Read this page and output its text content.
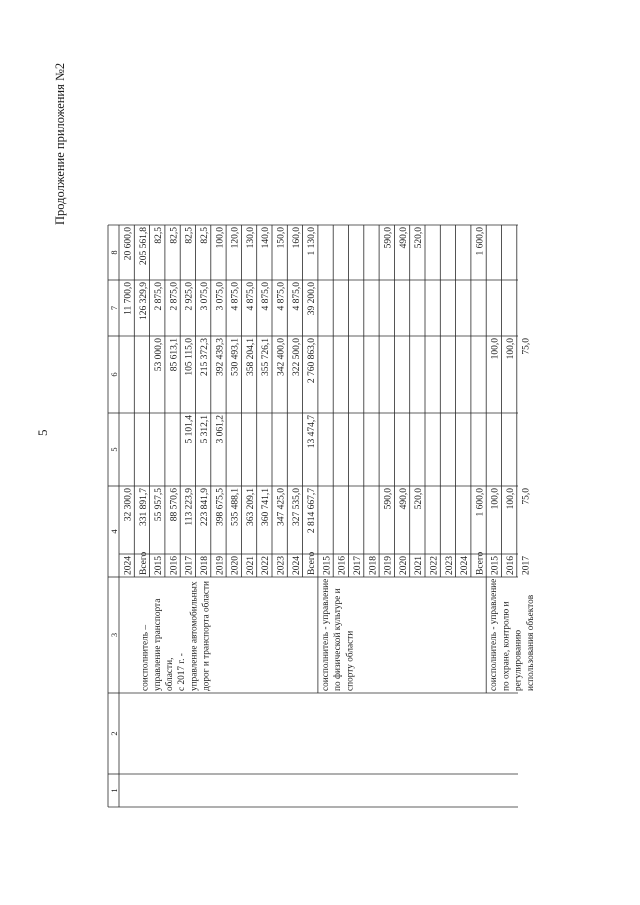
5
Продолжение приложения №2
1
2
3
4
5
6
7
8
2024
32 300,0
11 700,0
20 600,0
Всего
331 891,7
126 329,9
205 561,8
2015
55 957,5
53 000,0
2 875,0
82,5
2016
88 570,6
85 613,1
2 875,0
82,5
2017
113 223,9
5 101,4
105 115,0
2 925,0
82,5
2018
223 841,9
5 312,1
215 372,3
3 075,0
82,5
2019
398 675,5
3 061,2
392 439,3
3 075,0
100,0
2020
535 488,1
530 493,1
4 875,0
120,0
2021
363 209,1
358 204,1
4 875,0
130,0
2022
360 741,1
355 726,1
4 875,0
140,0
2023
347 425,0
342 400,0
4 875,0
150,0
2024
327 535,0
322 500,0
4 875,0
160,0
Всего
2 814 667,7
13 474,7
2 760 863,0
39 200,0
1 130,0
соисполнитель – управление транспорта области, с 2017 г. - управление автомобильных дорог и транспорта области
2015 2016 2017 2018 2019
590,0
590,0
2020
490,0
490,0
2021
520,0
520,0
2022 2023 2024 Всего
1 600,0
1 600,0
соисполнитель - управление по физической культуре и спорту области
2015
100,0
100,0
2016
100,0
100,0
2017
75,0
75,0
соисполнитель - управление по охране, контролю и регулированию использования объектов
